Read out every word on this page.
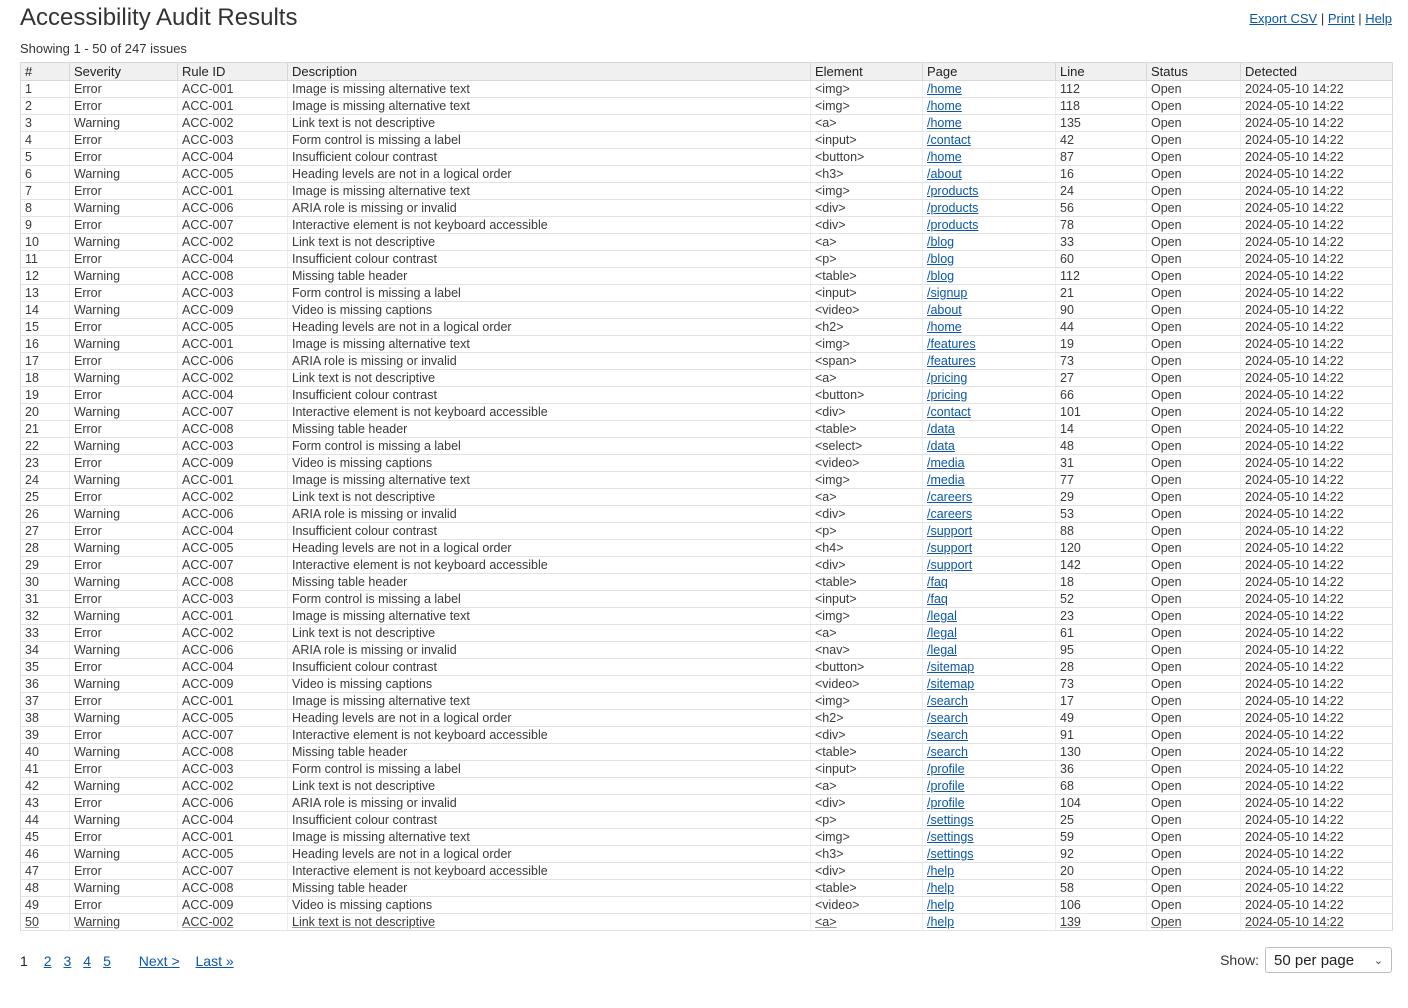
Accessibility Audit Results	Export CSV | Print | Help
Showing 1 - 50 of 247 issues
#	Severity	Rule ID	Description	Element	Page	Line	Status	Detected
1	Error	ACC-001	Image is missing alternative text	<img>	/home	112	Open	2024-05-10 14:22
2	Error	ACC-001	Image is missing alternative text	<img>	/home	118	Open	2024-05-10 14:22
3	Warning	ACC-002	Link text is not descriptive	<a>	/home	135	Open	2024-05-10 14:22
4	Error	ACC-003	Form control is missing a label	<input>	/contact	42	Open	2024-05-10 14:22
5	Error	ACC-004	Insufficient colour contrast	<button>	/home	87	Open	2024-05-10 14:22
6	Warning	ACC-005	Heading levels are not in a logical order	<h3>	/about	16	Open	2024-05-10 14:22
7	Error	ACC-001	Image is missing alternative text	<img>	/products	24	Open	2024-05-10 14:22
8	Warning	ACC-006	ARIA role is missing or invalid	<div>	/products	56	Open	2024-05-10 14:22
9	Error	ACC-007	Interactive element is not keyboard accessible	<div>	/products	78	Open	2024-05-10 14:22
10	Warning	ACC-002	Link text is not descriptive	<a>	/blog	33	Open	2024-05-10 14:22
11	Error	ACC-004	Insufficient colour contrast	<p>	/blog	60	Open	2024-05-10 14:22
12	Warning	ACC-008	Missing table header	<table>	/blog	112	Open	2024-05-10 14:22
13	Error	ACC-003	Form control is missing a label	<input>	/signup	21	Open	2024-05-10 14:22
14	Warning	ACC-009	Video is missing captions	<video>	/about	90	Open	2024-05-10 14:22
15	Error	ACC-005	Heading levels are not in a logical order	<h2>	/home	44	Open	2024-05-10 14:22
16	Warning	ACC-001	Image is missing alternative text	<img>	/features	19	Open	2024-05-10 14:22
17	Error	ACC-006	ARIA role is missing or invalid	<span>	/features	73	Open	2024-05-10 14:22
18	Warning	ACC-002	Link text is not descriptive	<a>	/pricing	27	Open	2024-05-10 14:22
19	Error	ACC-004	Insufficient colour contrast	<button>	/pricing	66	Open	2024-05-10 14:22
20	Warning	ACC-007	Interactive element is not keyboard accessible	<div>	/contact	101	Open	2024-05-10 14:22
21	Error	ACC-008	Missing table header	<table>	/data	14	Open	2024-05-10 14:22
22	Warning	ACC-003	Form control is missing a label	<select>	/data	48	Open	2024-05-10 14:22
23	Error	ACC-009	Video is missing captions	<video>	/media	31	Open	2024-05-10 14:22
24	Warning	ACC-001	Image is missing alternative text	<img>	/media	77	Open	2024-05-10 14:22
25	Error	ACC-002	Link text is not descriptive	<a>	/careers	29	Open	2024-05-10 14:22
26	Warning	ACC-006	ARIA role is missing or invalid	<div>	/careers	53	Open	2024-05-10 14:22
27	Error	ACC-004	Insufficient colour contrast	<p>	/support	88	Open	2024-05-10 14:22
28	Warning	ACC-005	Heading levels are not in a logical order	<h4>	/support	120	Open	2024-05-10 14:22
29	Error	ACC-007	Interactive element is not keyboard accessible	<div>	/support	142	Open	2024-05-10 14:22
30	Warning	ACC-008	Missing table header	<table>	/faq	18	Open	2024-05-10 14:22
31	Error	ACC-003	Form control is missing a label	<input>	/faq	52	Open	2024-05-10 14:22
32	Warning	ACC-001	Image is missing alternative text	<img>	/legal	23	Open	2024-05-10 14:22
33	Error	ACC-002	Link text is not descriptive	<a>	/legal	61	Open	2024-05-10 14:22
34	Warning	ACC-006	ARIA role is missing or invalid	<nav>	/legal	95	Open	2024-05-10 14:22
35	Error	ACC-004	Insufficient colour contrast	<button>	/sitemap	28	Open	2024-05-10 14:22
36	Warning	ACC-009	Video is missing captions	<video>	/sitemap	73	Open	2024-05-10 14:22
37	Error	ACC-001	Image is missing alternative text	<img>	/search	17	Open	2024-05-10 14:22
38	Warning	ACC-005	Heading levels are not in a logical order	<h2>	/search	49	Open	2024-05-10 14:22
39	Error	ACC-007	Interactive element is not keyboard accessible	<div>	/search	91	Open	2024-05-10 14:22
40	Warning	ACC-008	Missing table header	<table>	/search	130	Open	2024-05-10 14:22
41	Error	ACC-003	Form control is missing a label	<input>	/profile	36	Open	2024-05-10 14:22
42	Warning	ACC-002	Link text is not descriptive	<a>	/profile	68	Open	2024-05-10 14:22
43	Error	ACC-006	ARIA role is missing or invalid	<div>	/profile	104	Open	2024-05-10 14:22
44	Warning	ACC-004	Insufficient colour contrast	<p>	/settings	25	Open	2024-05-10 14:22
45	Error	ACC-001	Image is missing alternative text	<img>	/settings	59	Open	2024-05-10 14:22
46	Warning	ACC-005	Heading levels are not in a logical order	<h3>	/settings	92	Open	2024-05-10 14:22
47	Error	ACC-007	Interactive element is not keyboard accessible	<div>	/help	20	Open	2024-05-10 14:22
48	Warning	ACC-008	Missing table header	<table>	/help	58	Open	2024-05-10 14:22
49	Error	ACC-009	Video is missing captions	<video>	/help	106	Open	2024-05-10 14:22
50	Warning	ACC-002	Link text is not descriptive	<a>	/help	139	Open	2024-05-10 14:22
1 2 3 4 5 Next > Last »	Show: 50 per page ⌄
